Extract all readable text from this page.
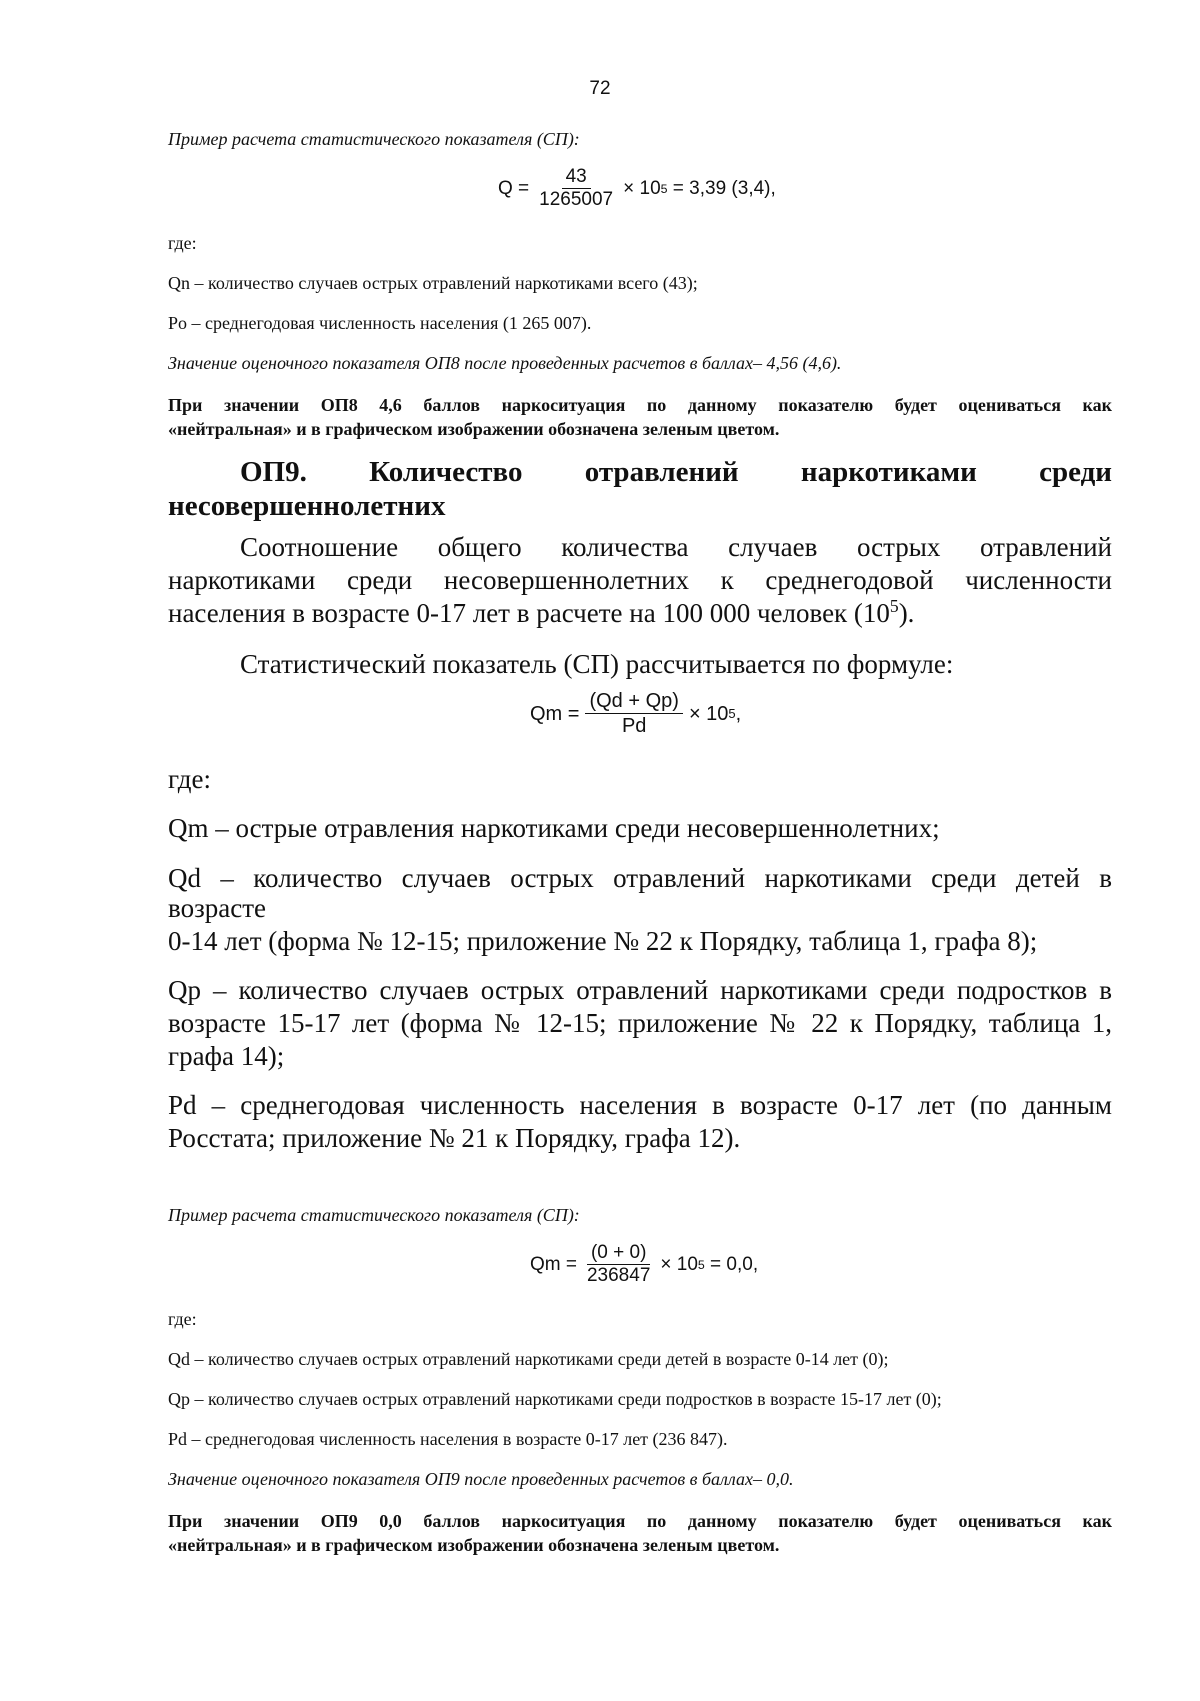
72
Пример расчета статистического показателя (СП):
$Q = \frac{43}{1265007} \times 10$ 5 = 3,39 (3,4),
где:
Qn – количество случаев острых отравлений наркотиками всего (43);
Po – среднегодовая численность населения (1 265 007).
Значение оценочного показателя ОП8 после проведенных расчетов в баллах– 4,56 (4,6).
При значении ОП8 4,6 баллов наркоситуация по данному показателю будет оцениваться как
«нейтральная» и в графическом изображении обозначена зеленым цветом.
ОП9. Количество отравлений наркотиками среди
несовершеннолетних
Соотношение общего количества случаев острых отравлений
наркотиками среди несовершеннолетних к среднегодовой численности
населения в возрасте 0-17 лет в расчете на 100 000 человек $(10^5)$.
Статистический показатель (СП) рассчитывается по формуле:
$Qm = \frac{(Qd + Qp)}{Pd} \times 10$ 5 ,
где:
Qm – острые отравления наркотиками среди несовершеннолетних;
Qd – количество случаев острых отравлений наркотиками среди детей в
возрасте
0-14 лет (форма № 12-15; приложение № 22 к Порядку, таблица 1, графа 8);
Qp – количество случаев острых отравлений наркотиками среди подростков в
возрасте 15-17 лет (форма № 12-15; приложение № 22 к Порядку, таблица 1,
графа 14);
Pd – среднегодовая численность населения в возрасте 0-17 лет (по данным
Росстата; приложение № 21 к Порядку, графа 12).
Пример расчета статистического показателя (СП):
$Qm = \frac{(0 + 0)}{236847} \times 10$ 5 = 0,0,
где:
Qd – количество случаев острых отравлений наркотиками среди детей в возрасте 0-14 лет (0);
Qp – количество случаев острых отравлений наркотиками среди подростков в возрасте 15-17 лет (0);
Pd – среднегодовая численность населения в возрасте 0-17 лет (236 847).
Значение оценочного показателя ОП9 после проведенных расчетов в баллах– 0,0.
При значении ОП9 0,0 баллов наркоситуация по данному показателю будет оцениваться как
«нейтральная» и в графическом изображении обозначена зеленым цветом.
